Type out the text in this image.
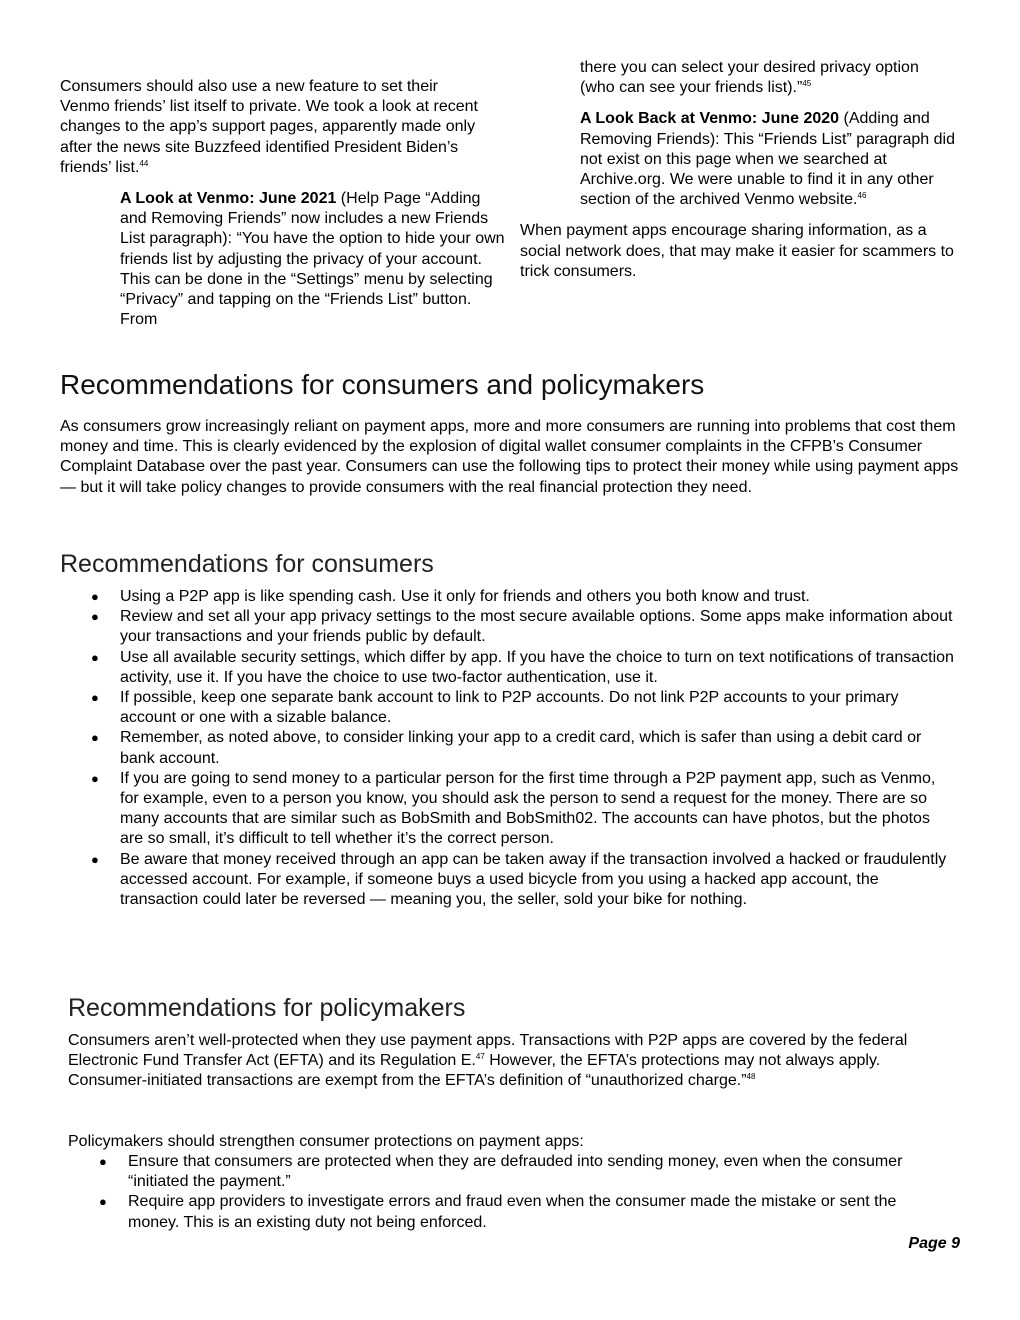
Consumers should also use a new feature to set their Venmo friends’ list itself to private. We took a look at recent changes to the app’s support pages, apparently made only after the news site Buzzfeed identified President Biden’s friends’ list.$^{44}$

A Look at Venmo: June 2021 (Help Page “Adding and Removing Friends” now includes a new Friends List paragraph): “You have the option to hide your own friends list by adjusting the privacy of your account. This can be done in the “Settings” menu by selecting “Privacy” and tapping on the “Friends List” button. From

there you can select your desired privacy option (who can see your friends list).”$^{45}$

A Look Back at Venmo: June 2020 (Adding and Removing Friends): This “Friends List” paragraph did not exist on this page when we searched at Archive.org. We were unable to find it in any other section of the archived Venmo website.$^{46}$

When payment apps encourage sharing information, as a social network does, that may make it easier for scammers to trick consumers.

Recommendations for consumers and policymakers

As consumers grow increasingly reliant on payment apps, more and more consumers are running into problems that cost them money and time. This is clearly evidenced by the explosion of digital wallet consumer complaints in the CFPB’s Consumer Complaint Database over the past year. Consumers can use the following tips to protect their money while using payment apps — but it will take policy changes to provide consumers with the real financial protection they need.

Recommendations for consumers
● Using a P2P app is like spending cash. Use it only for friends and others you both know and trust.
● Review and set all your app privacy settings to the most secure available options. Some apps make information about your transactions and your friends public by default.
● Use all available security settings, which differ by app. If you have the choice to turn on text notifications of transaction activity, use it. If you have the choice to use two-factor authentication, use it.
● If possible, keep one separate bank account to link to P2P accounts. Do not link P2P accounts to your primary account or one with a sizable balance.
● Remember, as noted above, to consider linking your app to a credit card, which is safer than using a debit card or bank account.
● If you are going to send money to a particular person for the first time through a P2P payment app, such as Venmo, for example, even to a person you know, you should ask the person to send a request for the money. There are so many accounts that are similar such as BobSmith and BobSmith02. The accounts can have photos, but the photos are so small, it’s difficult to tell whether it’s the correct person.
● Be aware that money received through an app can be taken away if the transaction involved a hacked or fraudulently accessed account. For example, if someone buys a used bicycle from you using a hacked app account, the transaction could later be reversed — meaning you, the seller, sold your bike for nothing.
Recommendations for policymakers

Consumers aren’t well-protected when they use payment apps. Transactions with P2P apps are covered by the federal Electronic Fund Transfer Act (EFTA) and its Regulation E.$^{47}$ However, the EFTA’s protections may not always apply. Consumer-initiated transactions are exempt from the EFTA’s definition of “unauthorized charge.”$^{48}$

Policymakers should strengthen consumer protections on payment apps:

● Ensure that consumers are protected when they are defrauded into sending money, even when the consumer “initiated the payment.”
● Require app providers to investigate errors and fraud even when the consumer made the mistake or sent the money. This is an existing duty not being enforced.
Page 9
